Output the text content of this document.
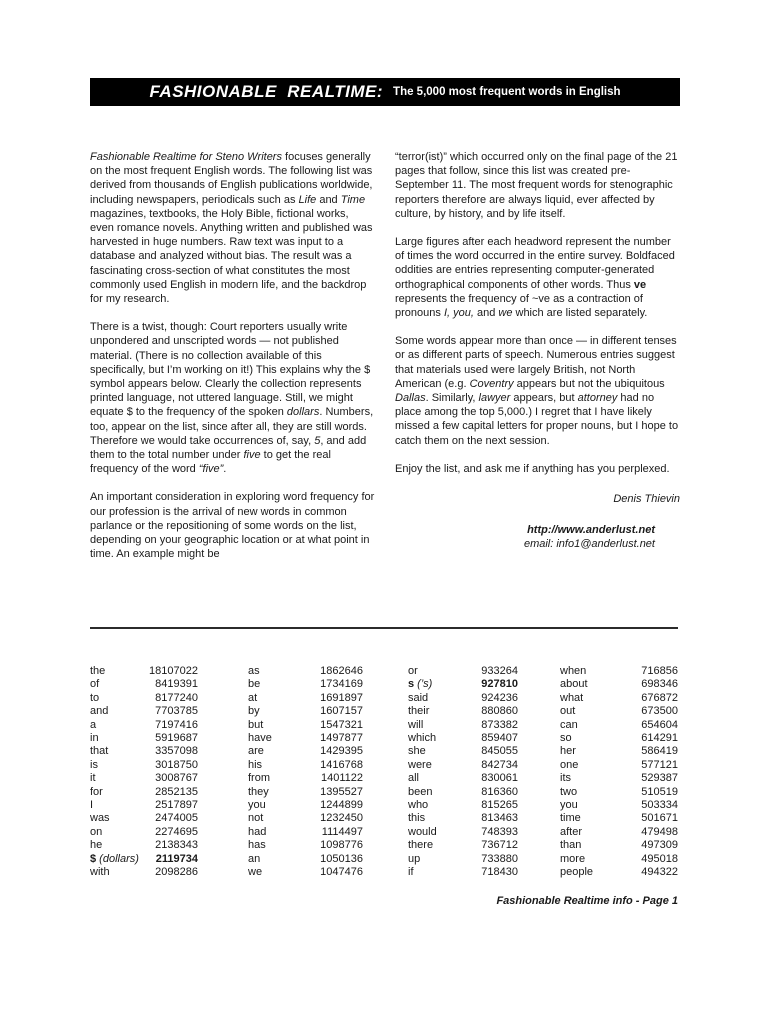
FASHIONABLE  REALTIME: The 5,000 most frequent words in English

Fashionable Realtime for Steno Writers focuses generally on the most frequent English words. The following list was derived from thousands of English publications worldwide, including newspapers, periodicals such as Life and Time magazines, textbooks, the Holy Bible, fictional works, even romance novels. Anything written and published was harvested in huge numbers. Raw text was input to a database and analyzed without bias. The result was a fascinating cross-section of what constitutes the most commonly used English in modern life, and the backdrop for my research.

There is a twist, though: Court reporters usually write unpondered and unscripted words — not published material. (There is no collection available of this specifically, but I’m working on it!) This explains why the $ symbol appears below. Clearly the collection represents printed language, not uttered language. Still, we might equate $ to the frequency of the spoken dollars. Numbers, too, appear on the list, since after all, they are still words. Therefore we would take occurrences of, say, 5, and add them to the total number under five to get the real frequency of the word “five”.

An important consideration in exploring word frequency for our profession is the arrival of new words in common parlance or the repositioning of some words on the list, depending on your geographic location or at what point in time. An example might be

“terror(ist)” which occurred only on the final page of the 21 pages that follow, since this list was created pre-September 11. The most frequent words for stenographic reporters therefore are always liquid, ever affected by culture, by history, and by life itself.

Large figures after each headword represent the number of times the word occurred in the entire survey. Boldfaced oddities are entries representing computer-generated orthographical components of other words. Thus ve represents the frequency of ~ve as a contraction of pronouns I, you, and we which are listed separately.

Some words appear more than once — in different tenses or as different parts of speech. Numerous entries suggest that materials used were largely British, not North American (e.g. Coventry appears but not the ubiquitous Dallas. Similarly, lawyer appears, but attorney had no place among the top 5,000.) I regret that I have likely missed a few capital letters for proper nouns, but I hope to catch them on the next session.

Enjoy the list, and ask me if anything has you perplexed.

Denis Thievin
http://www.anderlust.net
email: info1@anderlust.net
the	18107022
of	8419391
to	8177240
and	7703785
a	7197416
in	5919687
that	3357098
is	3018750
it	3008767
for	2852135
I	2517897
was	2474005
on	2274695
he	2138343
$ (dollars) 2119734
with	2098286
as	1862646
be	1734169
at	1691897
by	1607157
but	1547321
have	1497877
are	1429395
his	1416768
from	1401122
they	1395527
you	1244899
not	1232450
had	1114497
has	1098776
an	1050136
we	1047476
or	933264
s (’s)	927810
said	924236
their	880860
will	873382
which	859407
she	845055
were	842734
all	830061
been	816360
who	815265
this	813463
would	748393
there	736712
up	733880
if	718430
when	716856
about	698346
what	676872
out	673500
can	654604
so	614291
her	586419
one	577121
its	529387
two	510519
you	503334
time	501671
after	479498
than	497309
more	495018
people	494322
Fashionable Realtime info - Page 1
